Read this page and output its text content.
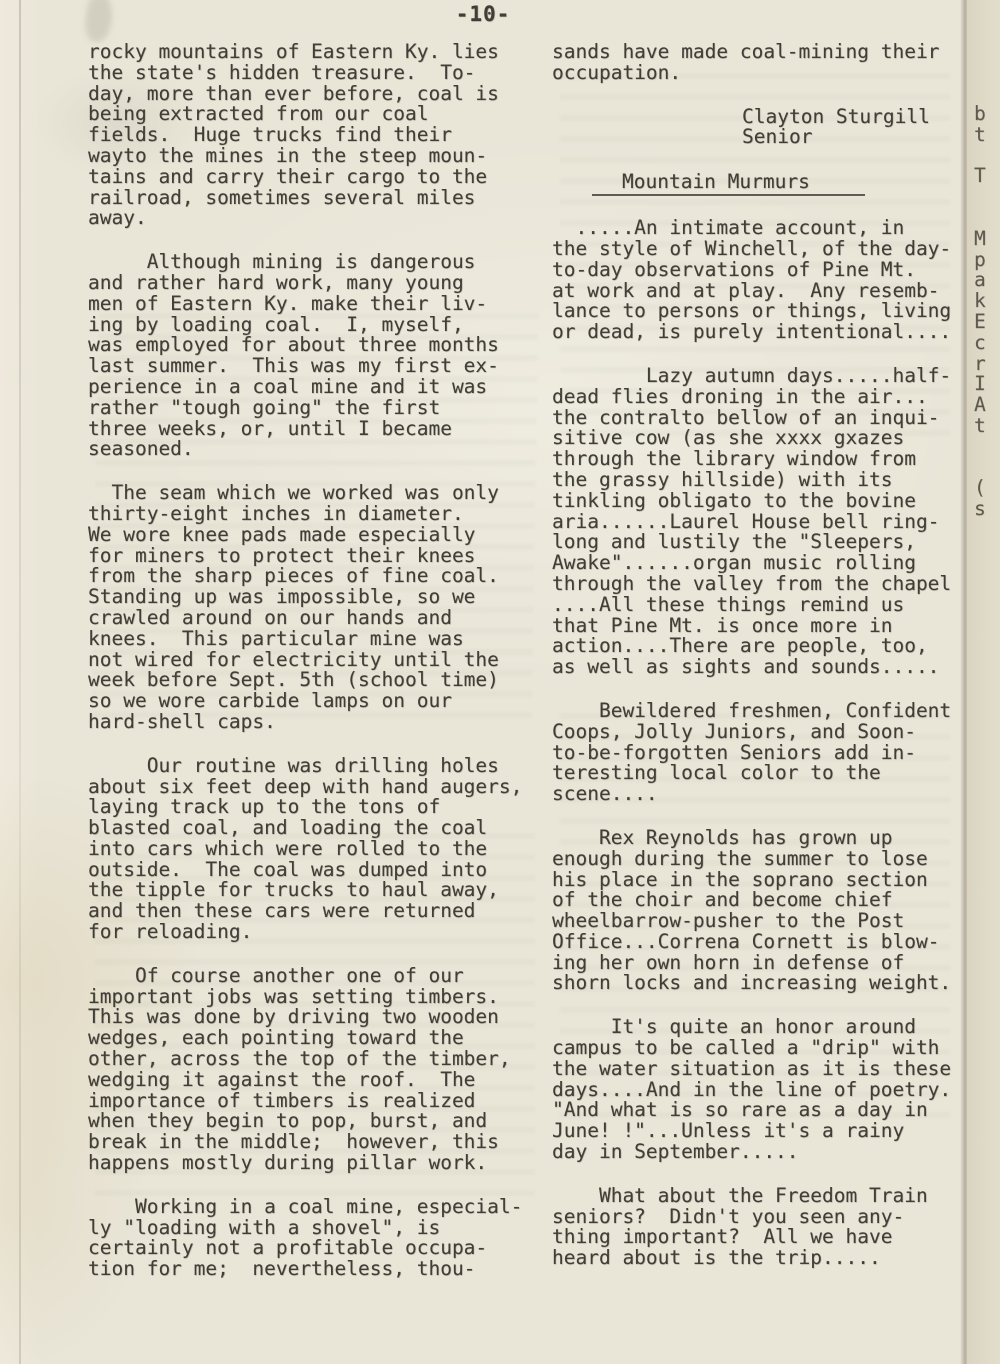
-10-
rocky mountains of Eastern Ky. lies
the state's hidden treasure.  To-
day, more than ever before, coal is
being extracted from our coal
fields.  Huge trucks find their
wayto the mines in the steep moun-
tains and carry their cargo to the
railroad, sometimes several miles
away.
Although mining is dangerous
and rather hard work, many young
men of Eastern Ky. make their liv-
ing by loading coal.  I, myself,
was employed for about three months
last summer.  This was my first ex-
perience in a coal mine and it was
rather "tough going" the first
three weeks, or, until I became
seasoned.
The seam which we worked was only
thirty-eight inches in diameter.
We wore knee pads made especially
for miners to protect their knees
from the sharp pieces of fine coal.
Standing up was impossible, so we
crawled around on our hands and
knees.  This particular mine was
not wired for electricity until the
week before Sept. 5th (school time)
so we wore carbide lamps on our
hard-shell caps.
Our routine was drilling holes
about six feet deep with hand augers,
laying track up to the tons of
blasted coal, and loading the coal
into cars which were rolled to the
outside.  The coal was dumped into
the tipple for trucks to haul away,
and then these cars were returned
for reloading.
Of course another one of our
important jobs was setting timbers.
This was done by driving two wooden
wedges, each pointing toward the
other, across the top of the timber,
wedging it against the roof.  The
importance of timbers is realized
when they begin to pop, burst, and
break in the middle;  however, this
happens mostly during pillar work.
Working in a coal mine, especial-
ly "loading with a shovel", is
certainly not a profitable occupa-
tion for me;  nevertheless, thou-
sands have made coal-mining their
occupation.
Clayton Sturgill
Senior
Mountain Murmurs
.....An intimate account, in
the style of Winchell, of the day-
to-day observations of Pine Mt.
at work and at play.  Any resemb-
lance to persons or things, living
or dead, is purely intentional....
Lazy autumn days.....half-
dead flies droning in the air...
the contralto bellow of an inqui-
sitive cow (as she xxxx gxazes
through the library window from
the grassy hillside) with its
tinkling obligato to the bovine
aria......Laurel House bell ring-
long and lustily the "Sleepers,
Awake"......organ music rolling
through the valley from the chapel
....All these things remind us
that Pine Mt. is once more in
action....There are people, too,
as well as sights and sounds.....
Bewildered freshmen, Confident
Coops, Jolly Juniors, and Soon-
to-be-forgotten Seniors add in-
teresting local color to the
scene....
Rex Reynolds has grown up
enough during the summer to lose
his place in the soprano section
of the choir and become chief
wheelbarrow-pusher to the Post
Office...Correna Cornett is blow-
ing her own horn in defense of
shorn locks and increasing weight.
It's quite an honor around
campus to be called a "drip" with
the water situation as it is these
days....And in the line of poetry.
"And what is so rare as a day in
June! !"...Unless it's a rainy
day in September.....
What about the Freedom Train
seniors?  Didn't you seen any-
thing important?  All we have
heard about is the trip.....
b
t
T
M
p
a
k
E
c
r
I
A
t
(
s
